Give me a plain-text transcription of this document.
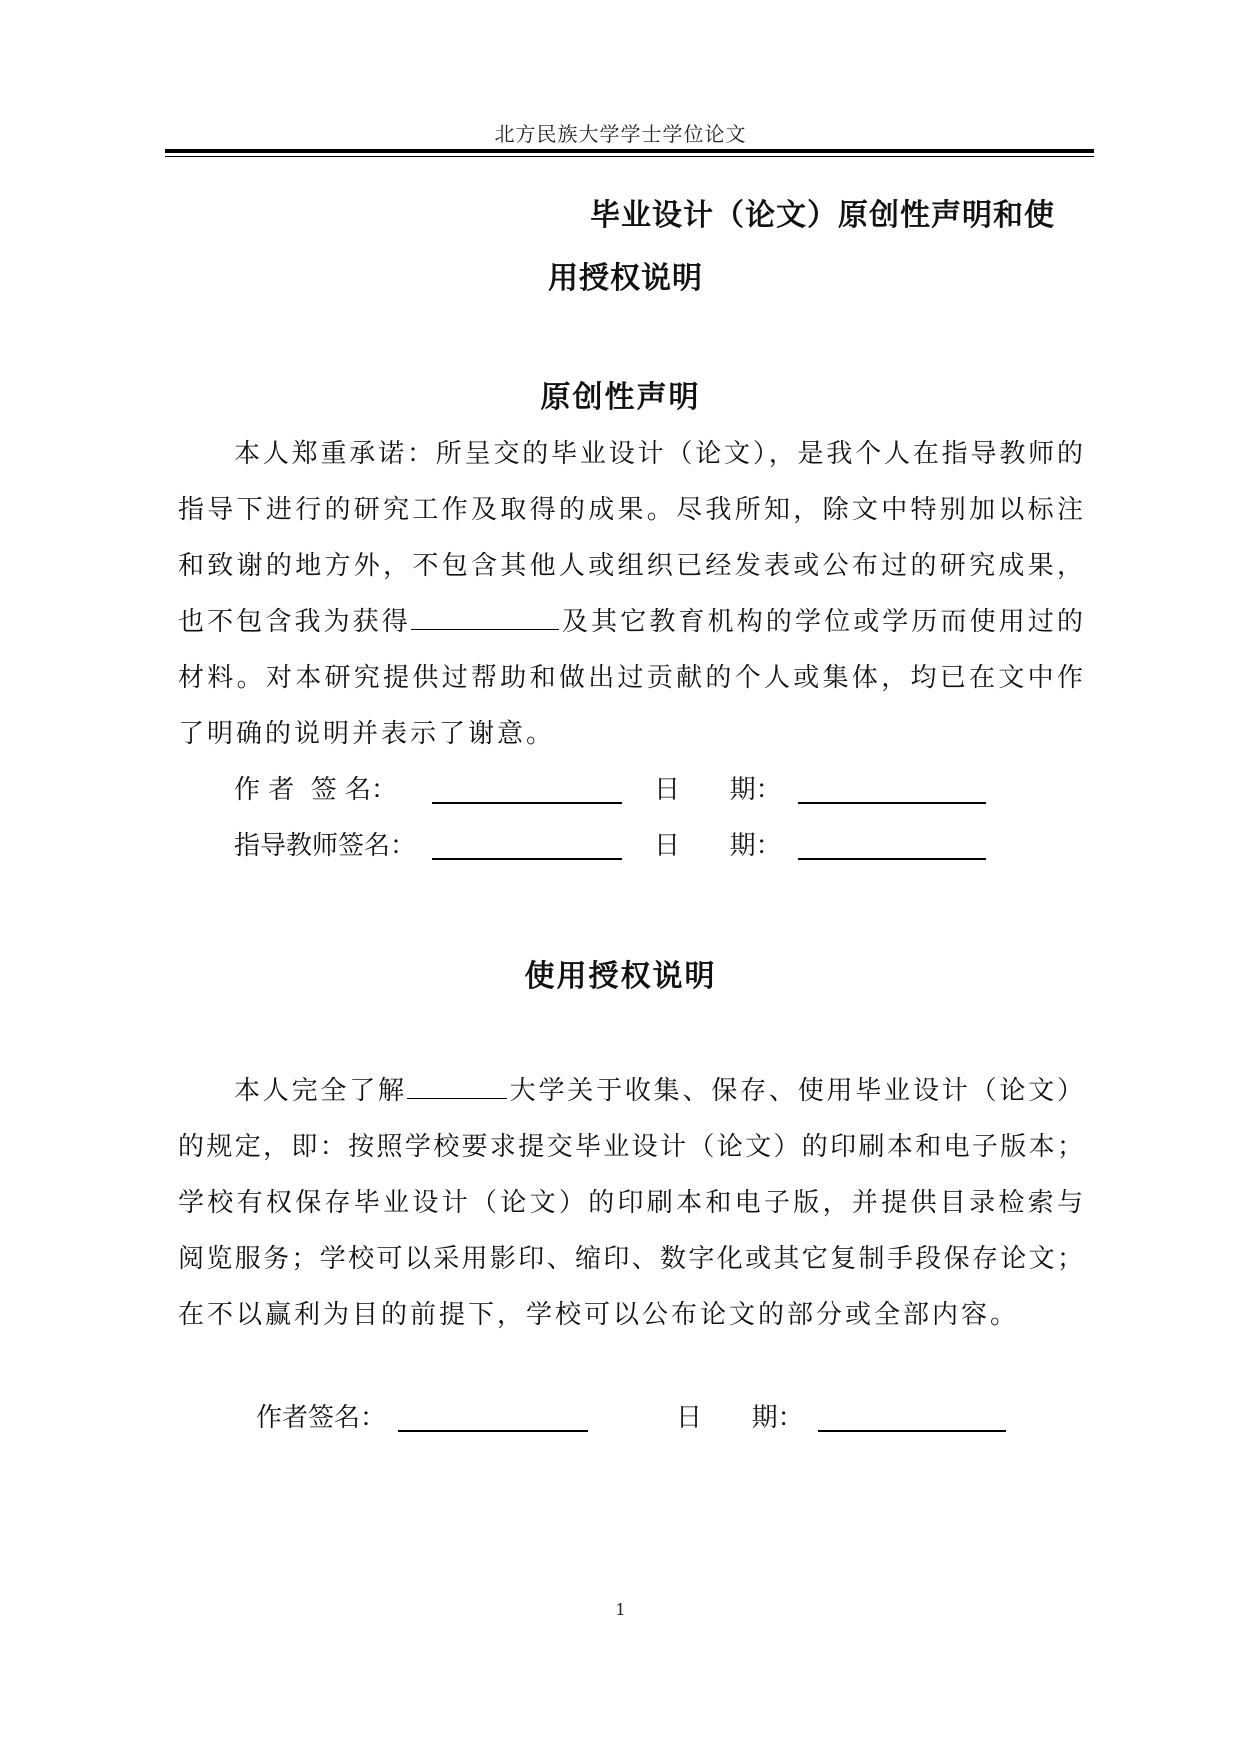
北方民族大学学士学位论文
毕业设计（论文）原创性声明和使
用授权说明
原创性声明
本人郑重承诺：所呈交的毕业设计（论文），是我个人在指导教师的
指导下进行的研究工作及取得的成果。尽我所知，除文中特别加以标注
和致谢的地方外，不包含其他人或组织已经发表或公布过的研究成果，
也不包含我为获得	及其它教育机构的学位或学历而使用过的
材料。对本研究提供过帮助和做出过贡献的个人或集体，均已在文中作
了明确的说明并表示了谢意。
作 者  签 名：	日      期：
指导教师签名：	日      期：
使用授权说明
本人完全了解	大学关于收集、保存、使用毕业设计（论文）
的规定，即：按照学校要求提交毕业设计（论文）的印刷本和电子版本；
学校有权保存毕业设计（论文）的印刷本和电子版，并提供目录检索与
阅览服务；学校可以采用影印、缩印、数字化或其它复制手段保存论文；
在不以赢利为目的前提下，学校可以公布论文的部分或全部内容。
作者签名：	日      期：
1
